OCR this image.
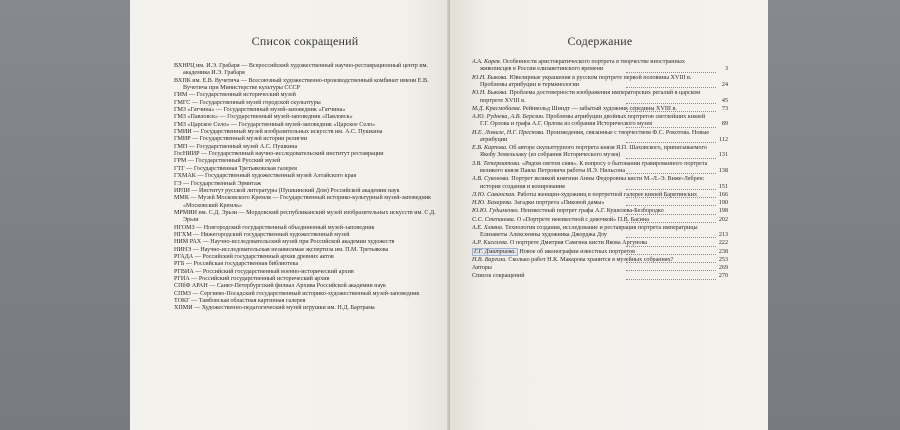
Список сокращений
ВХНРЦ им. И.Э. Грабаря — Всероссийский художественный научно-реставрационный центр им. академика И.Э. Грабаря
ВХПК им. Е.В. Вучетича — Всесоюзный художественно-производственный комбинат имени Е.В. Вучетича при Министерстве культуры СССР
ГИМ — Государственный исторический музей
ГМГС — Государственный музей городской скульптуры
ГМЗ «Гатчина» — Государственный музей-заповедник «Гатчина»
ГМЗ «Павловск» — Государственный музей-заповедник «Павловск»
ГМЗ «Царское Село» — Государственный музей-заповедник «Царское Село»
ГМИИ — Государственный музей изобразительных искусств им. А.С. Пушкина
ГМИР — Государственный музей истории религии
ГМП — Государственный музей А.С. Пушкина
ГосНИИР — Государственный научно-исследовательский институт реставрации
ГРМ — Государственный Русский музей
ГТГ — Государственная Третьяковская галерея
ГХМАК — Государственный художественный музей Алтайского края
ГЭ — Государственный Эрмитаж
ИРЛИ — Институт русской литературы (Пушкинский Дом) Российской академии наук
ММК — Музей Московского Кремля — Государственный историко-культурный музей-заповедник «Московский Кремль»
МРМИИ им. С.Д. Эрьзи — Мордовский республиканский музей изобразительных искусств им. С.Д. Эрьзи
НГОМЗ — Новгородский государственный объединенный музей-заповедник
НГХМ — Нижегородский государственный художественный музей
НИМ РАХ — Научно-исследовательский музей при Российской академии художеств
НИНЭ — Научно-исследовательская независимая экспертиза им. П.М. Третьякова
РГАДА — Российский государственный архив древних актов
РГБ — Российская государственная библиотека
РГВИА — Российский государственный военно-исторический архив
РГИА — Российский государственный исторический архив
СПбФ АРАН — Санкт-Петербургский филиал Архива Российской академии наук
СПМЗ — Сергиево-Посадский государственный историко-художественный музей-заповедник
ТОКГ — Тамбовская областная картинная галерея
ХПМИ — Художественно-педагогический музей игрушки им. Н.Д. Бартрама
Содержание
А.А. Карев. Особенности аристократического портрета в творчестве иностранных живописцев в России елизаветинского времени	3
Ю.Н. Быкова. Ювелирные украшения в русском портрете первой половины XVIII в. Проблемы атрибуции и терминологии	24
Ю.Н. Быкова. Проблема достоверности изображения императорских регалий в царском портрете XVIII в.	45
М.Д. Красмобаева. Рейнвольд Шиндт — забытый художник середины XVIII в.	73
А.Ю. Руднева, А.В. Березин. Проблемы атрибуции двойных портретов светлейших князей Г.Г. Орлова и графа А.Г. Орлова из собрания Исторического музея	89
И.Е. Ломизе, Н.Г. Преснова. Произведения, связанные с творчеством Ф.С. Рокотова. Новые атрибуции	112
Е.В. Карпова. Об авторе скульптурного портрета князя Я.П. Шаховского, приписываемого Якобу Земельхаку (из собрания Исторического музея)	131
З.В. Тетерматова. «Рядом светом сияя». К вопросу о бытовании гравированного портрета великого князя Павла Петровича работы И.Э. Нильсона	138
А.В. Суконова. Портрет великой княгини Анны Федоровны кисти М.-Л.-Э. Виже-Лебрен: история создания и копирования	151
Л.Ю. Савинская. Работы женщин-художниц в портретной галерее князей Барятинских	166
Н.Ю. Бахарева. Загадки портрета «Пиковой дамы»	190
Ю.Ю. Гудыменко. Неизвестный портрет графа А.Г. Кушелева-Безбородко	198
С.С. Степанова. О «Портрете неизвестной с девочкой» П.В. Басина	202
А.Е. Хлявна. Технология создания, исследование и реставрация портрета императрицы Елизаветы Алексеевны художника Джорджа Доу	213
А.Р. Киселева. О портрете Дмитрия Самгина кисти Якова Аргунова	222
Г.Г. Дмитриева. Новое об иконографии известных портретов	238
Н.В. Варгизи. Сколько работ Н.К. Макарова хранится в музейных собраниях?	253
Авторы	269
Список сокращений	270
